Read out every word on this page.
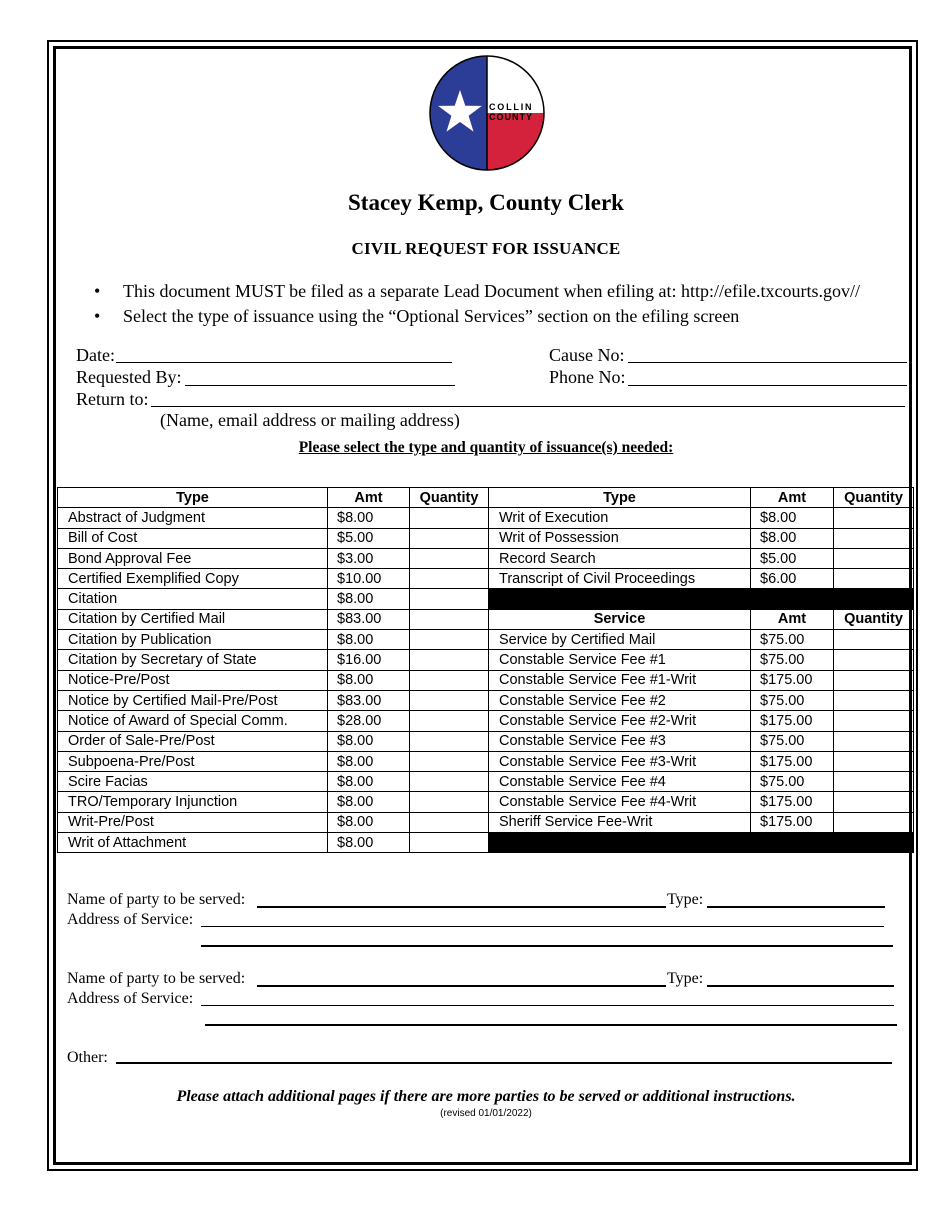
COLLIN
COUNTY
Stacey Kemp, County Clerk
CIVIL REQUEST FOR ISSUANCE
• This document MUST be filed as a separate Lead Document when efiling at: http://efile.txcourts.gov//
• Select the type of issuance using the “Optional Services” section on the efiling screen
Date:	Cause No:
Requested By:	Phone No:
Return to:
(Name, email address or mailing address)
Please select the type and quantity of issuance(s) needed:
Type	Amt	Quantity	Type	Amt	Quantity
Abstract of Judgment	$8.00		Writ of Execution	$8.00	
Bill of Cost	$5.00		Writ of Possession	$8.00	
Bond Approval Fee	$3.00		Record Search	$5.00	
Certified Exemplified Copy	$10.00		Transcript of Civil Proceedings	$6.00	
Citation	$8.00				
Citation by Certified Mail	$83.00		Service	Amt	Quantity
Citation by Publication	$8.00		Service by Certified Mail	$75.00	
Citation by Secretary of State	$16.00		Constable Service Fee #1	$75.00	
Notice-Pre/Post	$8.00		Constable Service Fee #1-Writ	$175.00	
Notice by Certified Mail-Pre/Post	$83.00		Constable Service Fee #2	$75.00	
Notice of Award of Special Comm.	$28.00		Constable Service Fee #2-Writ	$175.00	
Order of Sale-Pre/Post	$8.00		Constable Service Fee #3	$75.00	
Subpoena-Pre/Post	$8.00		Constable Service Fee #3-Writ	$175.00	
Scire Facias	$8.00		Constable Service Fee #4	$75.00	
TRO/Temporary Injunction	$8.00		Constable Service Fee #4-Writ	$175.00	
Writ-Pre/Post	$8.00		Sheriff Service Fee-Writ	$175.00	
Writ of Attachment	$8.00				
Name of party to be served:	Type:
Address of Service:
Name of party to be served:	Type:
Address of Service:
Other:
Please attach additional pages if there are more parties to be served or additional instructions.
(revised 01/01/2022)
